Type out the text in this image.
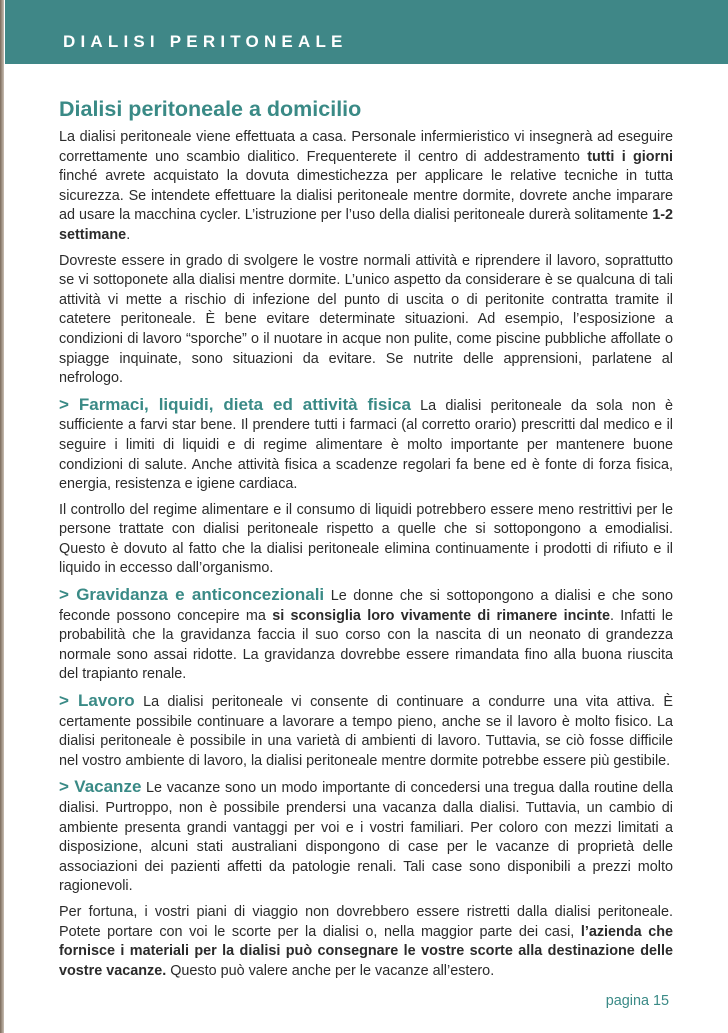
DIALISI PERITONEALE
Dialisi peritoneale a domicilio

La dialisi peritoneale viene effettuata a casa. Personale infermieristico vi insegnerà ad eseguire correttamente uno scambio dialitico. Frequenterete il centro di addestramento tutti i giorni finché avrete acquistato la dovuta dimestichezza per applicare le relative tecniche in tutta sicurezza. Se intendete effettuare la dialisi peritoneale mentre dormite, dovrete anche imparare ad usare la macchina cycler. L’istruzione per l’uso della dialisi peritoneale durerà solitamente 1-2 settimane.

Dovreste essere in grado di svolgere le vostre normali attività e riprendere il lavoro, soprattutto se vi sottoponete alla dialisi mentre dormite. L’unico aspetto da considerare è se qualcuna di tali attività vi mette a rischio di infezione del punto di uscita o di peritonite contratta tramite il catetere peritoneale. È bene evitare determinate situazioni. Ad esempio, l’esposizione a condizioni di lavoro “sporche” o il nuotare in acque non pulite, come piscine pubbliche affollate o spiagge inquinate, sono situazioni da evitare. Se nutrite delle apprensioni, parlatene al nefrologo.

> Farmaci, liquidi, dieta ed attività fisica La dialisi peritoneale da sola non è sufficiente a farvi star bene. Il prendere tutti i farmaci (al corretto orario) prescritti dal medico e il seguire i limiti di liquidi e di regime alimentare è molto importante per mantenere buone condizioni di salute. Anche attività fisica a scadenze regolari fa bene ed è fonte di forza fisica, energia, resistenza e igiene cardiaca.

Il controllo del regime alimentare e il consumo di liquidi potrebbero essere meno restrittivi per le persone trattate con dialisi peritoneale rispetto a quelle che si sottopongono a emodialisi. Questo è dovuto al fatto che la dialisi peritoneale elimina continuamente i prodotti di rifiuto e il liquido in eccesso dall’organismo.

> Gravidanza e anticoncezionali Le donne che si sottopongono a dialisi e che sono feconde possono concepire ma si sconsiglia loro vivamente di rimanere incinte. Infatti le probabilità che la gravidanza faccia il suo corso con la nascita di un neonato di grandezza normale sono assai ridotte. La gravidanza dovrebbe essere rimandata fino alla buona riuscita del trapianto renale.

> Lavoro La dialisi peritoneale vi consente di continuare a condurre una vita attiva. È certamente possibile continuare a lavorare a tempo pieno, anche se il lavoro è molto fisico. La dialisi peritoneale è possibile in una varietà di ambienti di lavoro. Tuttavia, se ciò fosse difficile nel vostro ambiente di lavoro, la dialisi peritoneale mentre dormite potrebbe essere più gestibile.

> Vacanze Le vacanze sono un modo importante di concedersi una tregua dalla routine della dialisi. Purtroppo, non è possibile prendersi una vacanza dalla dialisi. Tuttavia, un cambio di ambiente presenta grandi vantaggi per voi e i vostri familiari. Per coloro con mezzi limitati a disposizione, alcuni stati australiani dispongono di case per le vacanze di proprietà delle associazioni dei pazienti affetti da patologie renali. Tali case sono disponibili a prezzi molto ragionevoli.

Per fortuna, i vostri piani di viaggio non dovrebbero essere ristretti dalla dialisi peritoneale. Potete portare con voi le scorte per la dialisi o, nella maggior parte dei casi, l’azienda che fornisce i materiali per la dialisi può consegnare le vostre scorte alla destinazione delle vostre vacanze. Questo può valere anche per le vacanze all’estero.

pagina 15
